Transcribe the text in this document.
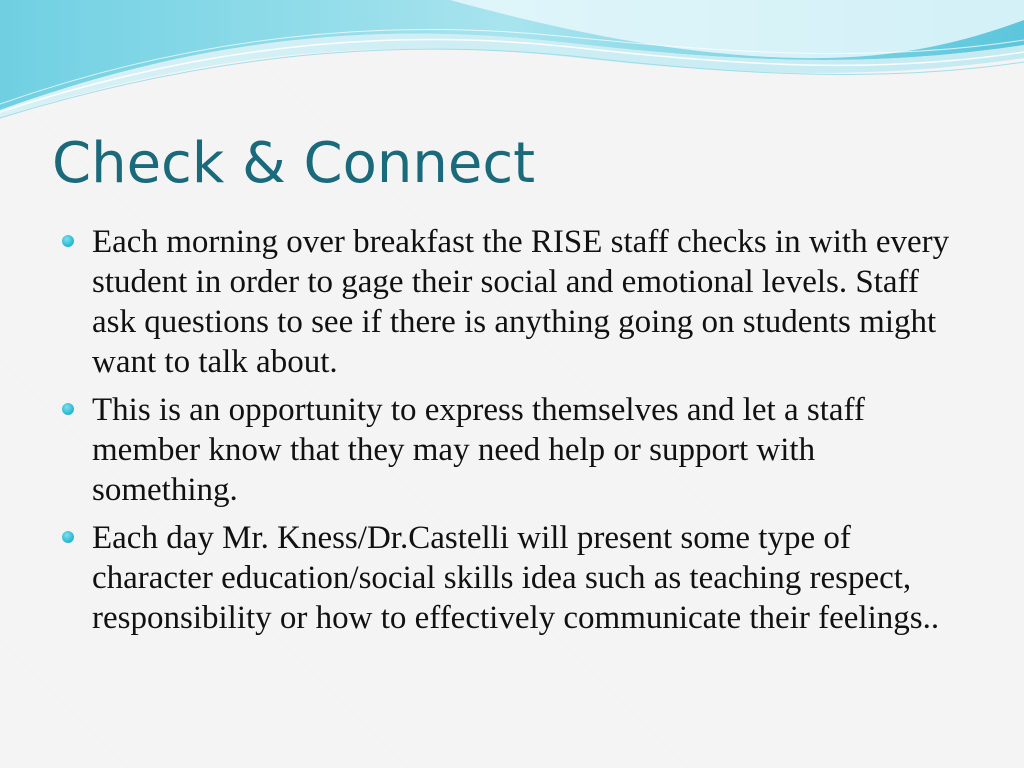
Check & Connect
Each morning over breakfast the RISE staff checks in with every student in order to gage their social and emotional levels. Staff ask questions to see if there is anything going on students might want to talk about.
This is an opportunity to express themselves and let a staff member know that they may need help or support with something.
Each day Mr. Kness/Dr.Castelli will present some type of character education/social skills idea such as teaching respect, responsibility or how to effectively communicate their feelings..
